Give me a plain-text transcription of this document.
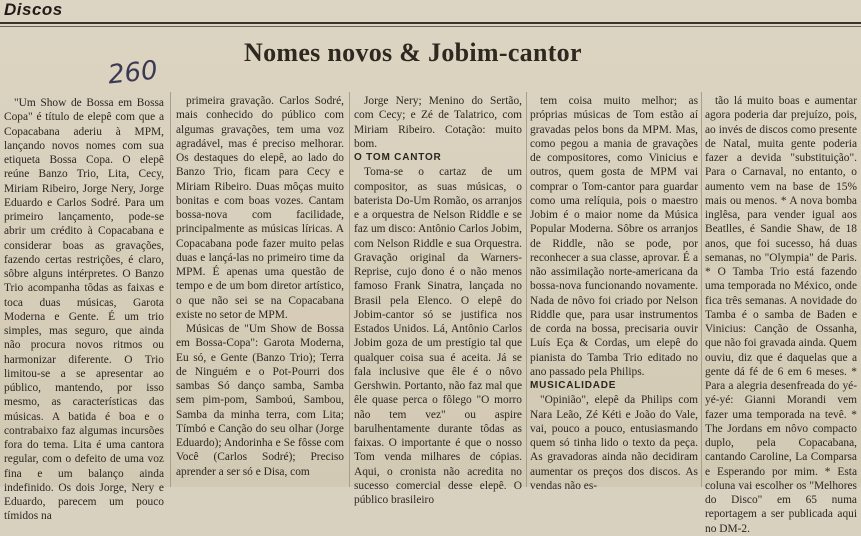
Discos
Nomes novos & Jobim-cantor
260

"Um Show de Bossa em Bossa Copa" é título de elepê com que a Copacabana aderiu à MPM, lançando novos nomes com sua etiqueta Bossa Copa. O elepê reúne Banzo Trio, Lita, Cecy, Miriam Ribeiro, Jorge Nery, Jorge Eduardo e Carlos Sodré. Para um primeiro lançamento, pode-se abrir um crédito à Copacabana e considerar boas as gravações, fazendo certas restrições, é claro, sôbre alguns intérpretes. O Banzo Trio acompanha tôdas as faixas e toca duas músicas, Garota Moderna e Gente. É um trio simples, mas seguro, que ainda não procura novos ritmos ou harmonizar diferente. O Trio limitou-se a se apresentar ao público, mantendo, por isso mesmo, as características das músicas. A batida é boa e o contrabaixo faz algumas incursões fora do tema. Lita é uma cantora regular, com o defeito de uma voz fina e um balanço ainda indefinido. Os dois Jorge, Nery e Eduardo, parecem um pouco tímidos na

primeira gravação. Carlos Sodré, mais conhecido do público com algumas gravações, tem uma voz agradável, mas é preciso melhorar. Os destaques do elepê, ao lado do Banzo Trio, ficam para Cecy e Miriam Ribeiro. Duas môças muito bonitas e com boas vozes. Cantam bossa-nova com facilidade, principalmente as músicas líricas. A Copacabana pode fazer muito pelas duas e lançá-las no primeiro time da MPM. É apenas uma questão de tempo e de um bom diretor artístico, o que não sei se na Copacabana existe no setor de MPM.

Músicas de "Um Show de Bossa em Bossa-Copa": Garota Moderna, Eu só, e Gente (Banzo Trio); Terra de Ninguém e o Pot-Pourri dos sambas Só danço samba, Samba sem pim-pom, Samboú, Sambou, Samba da minha terra, com Lita; Tímbó e Canção do seu olhar (Jorge Eduardo); Andorinha e Se fôsse com Você (Carlos Sodré); Preciso aprender a ser só e Disa, com

Jorge Nery; Menino do Sertão, com Cecy; e Zé de Talatrico, com Miriam Ribeiro. Cotação: muito bom.

O TOM CANTOR

Toma-se o cartaz de um compositor, as suas músicas, o baterista Do-Um Romão, os arranjos e a orquestra de Nelson Riddle e se faz um disco: Antônio Carlos Jobim, com Nelson Riddle e sua Orquestra. Gravação original da Warners-Reprise, cujo dono é o não menos famoso Frank Sinatra, lançada no Brasil pela Elenco. O elepê do Jobim-cantor só se justifica nos Estados Unidos. Lá, Antônio Carlos Jobim goza de um prestígio tal que qualquer coisa sua é aceita. Já se fala inclusive que êle é o nôvo Gershwin. Portanto, não faz mal que êle quase perca o fôlego "O morro não tem vez" ou aspire barulhentamente durante tôdas as faixas. O importante é que o nosso Tom venda milhares de cópias. Aqui, o cronista não acredita no sucesso comercial desse elepê. O público brasileiro

tem coisa muito melhor; as próprias músicas de Tom estão aí gravadas pelos bons da MPM. Mas, como pegou a mania de gravações de compositores, como Vinicius e outros, quem gosta de MPM vai comprar o Tom-cantor para guardar como uma relíquia, pois o maestro Jobim é o maior nome da Música Popular Moderna. Sôbre os arranjos de Riddle, não se pode, por reconhecer a sua classe, aprovar. É a não assimilação norte-americana da bossa-nova funcionando novamente. Nada de nôvo foi criado por Nelson Riddle que, para usar instrumentos de corda na bossa, precisaria ouvir Luís Eça & Cordas, um elepê do pianista do Tamba Trio editado no ano passado pela Philips.

MUSICALIDADE

"Opinião", elepê da Philips com Nara Leão, Zé Kéti e João do Vale, vai, pouco a pouco, entusiasmando quem só tinha lido o texto da peça. As gravadoras ainda não decidiram aumentar os preços dos discos. As vendas não es-

tão lá muito boas e aumentar agora poderia dar prejuízo, pois, ao invés de discos como presente de Natal, muita gente poderia fazer a devida "substituição". Para o Carnaval, no entanto, o aumento vem na base de 15% mais ou menos. * A nova bomba inglêsa, para vender igual aos Beatlles, é Sandie Shaw, de 18 anos, que foi sucesso, há duas semanas, no "Olympia" de Paris. * O Tamba Trio está fazendo uma temporada no México, onde fica três semanas. A novidade do Tamba é o samba de Baden e Vinicius: Canção de Ossanha, que não foi gravada ainda. Quem ouviu, diz que é daquelas que a gente dá fé de 6 em 6 meses. * Para a alegria desenfreada do yé-yé-yé: Gianni Morandi vem fazer uma temporada na tevê. * The Jordans em nôvo compacto duplo, pela Copacabana, cantando Caroline, La Comparsa e Esperando por mim. * Esta coluna vai escolher os "Melhores do Disco" em 65 numa reportagem a ser publicada aqui no DM-2.
